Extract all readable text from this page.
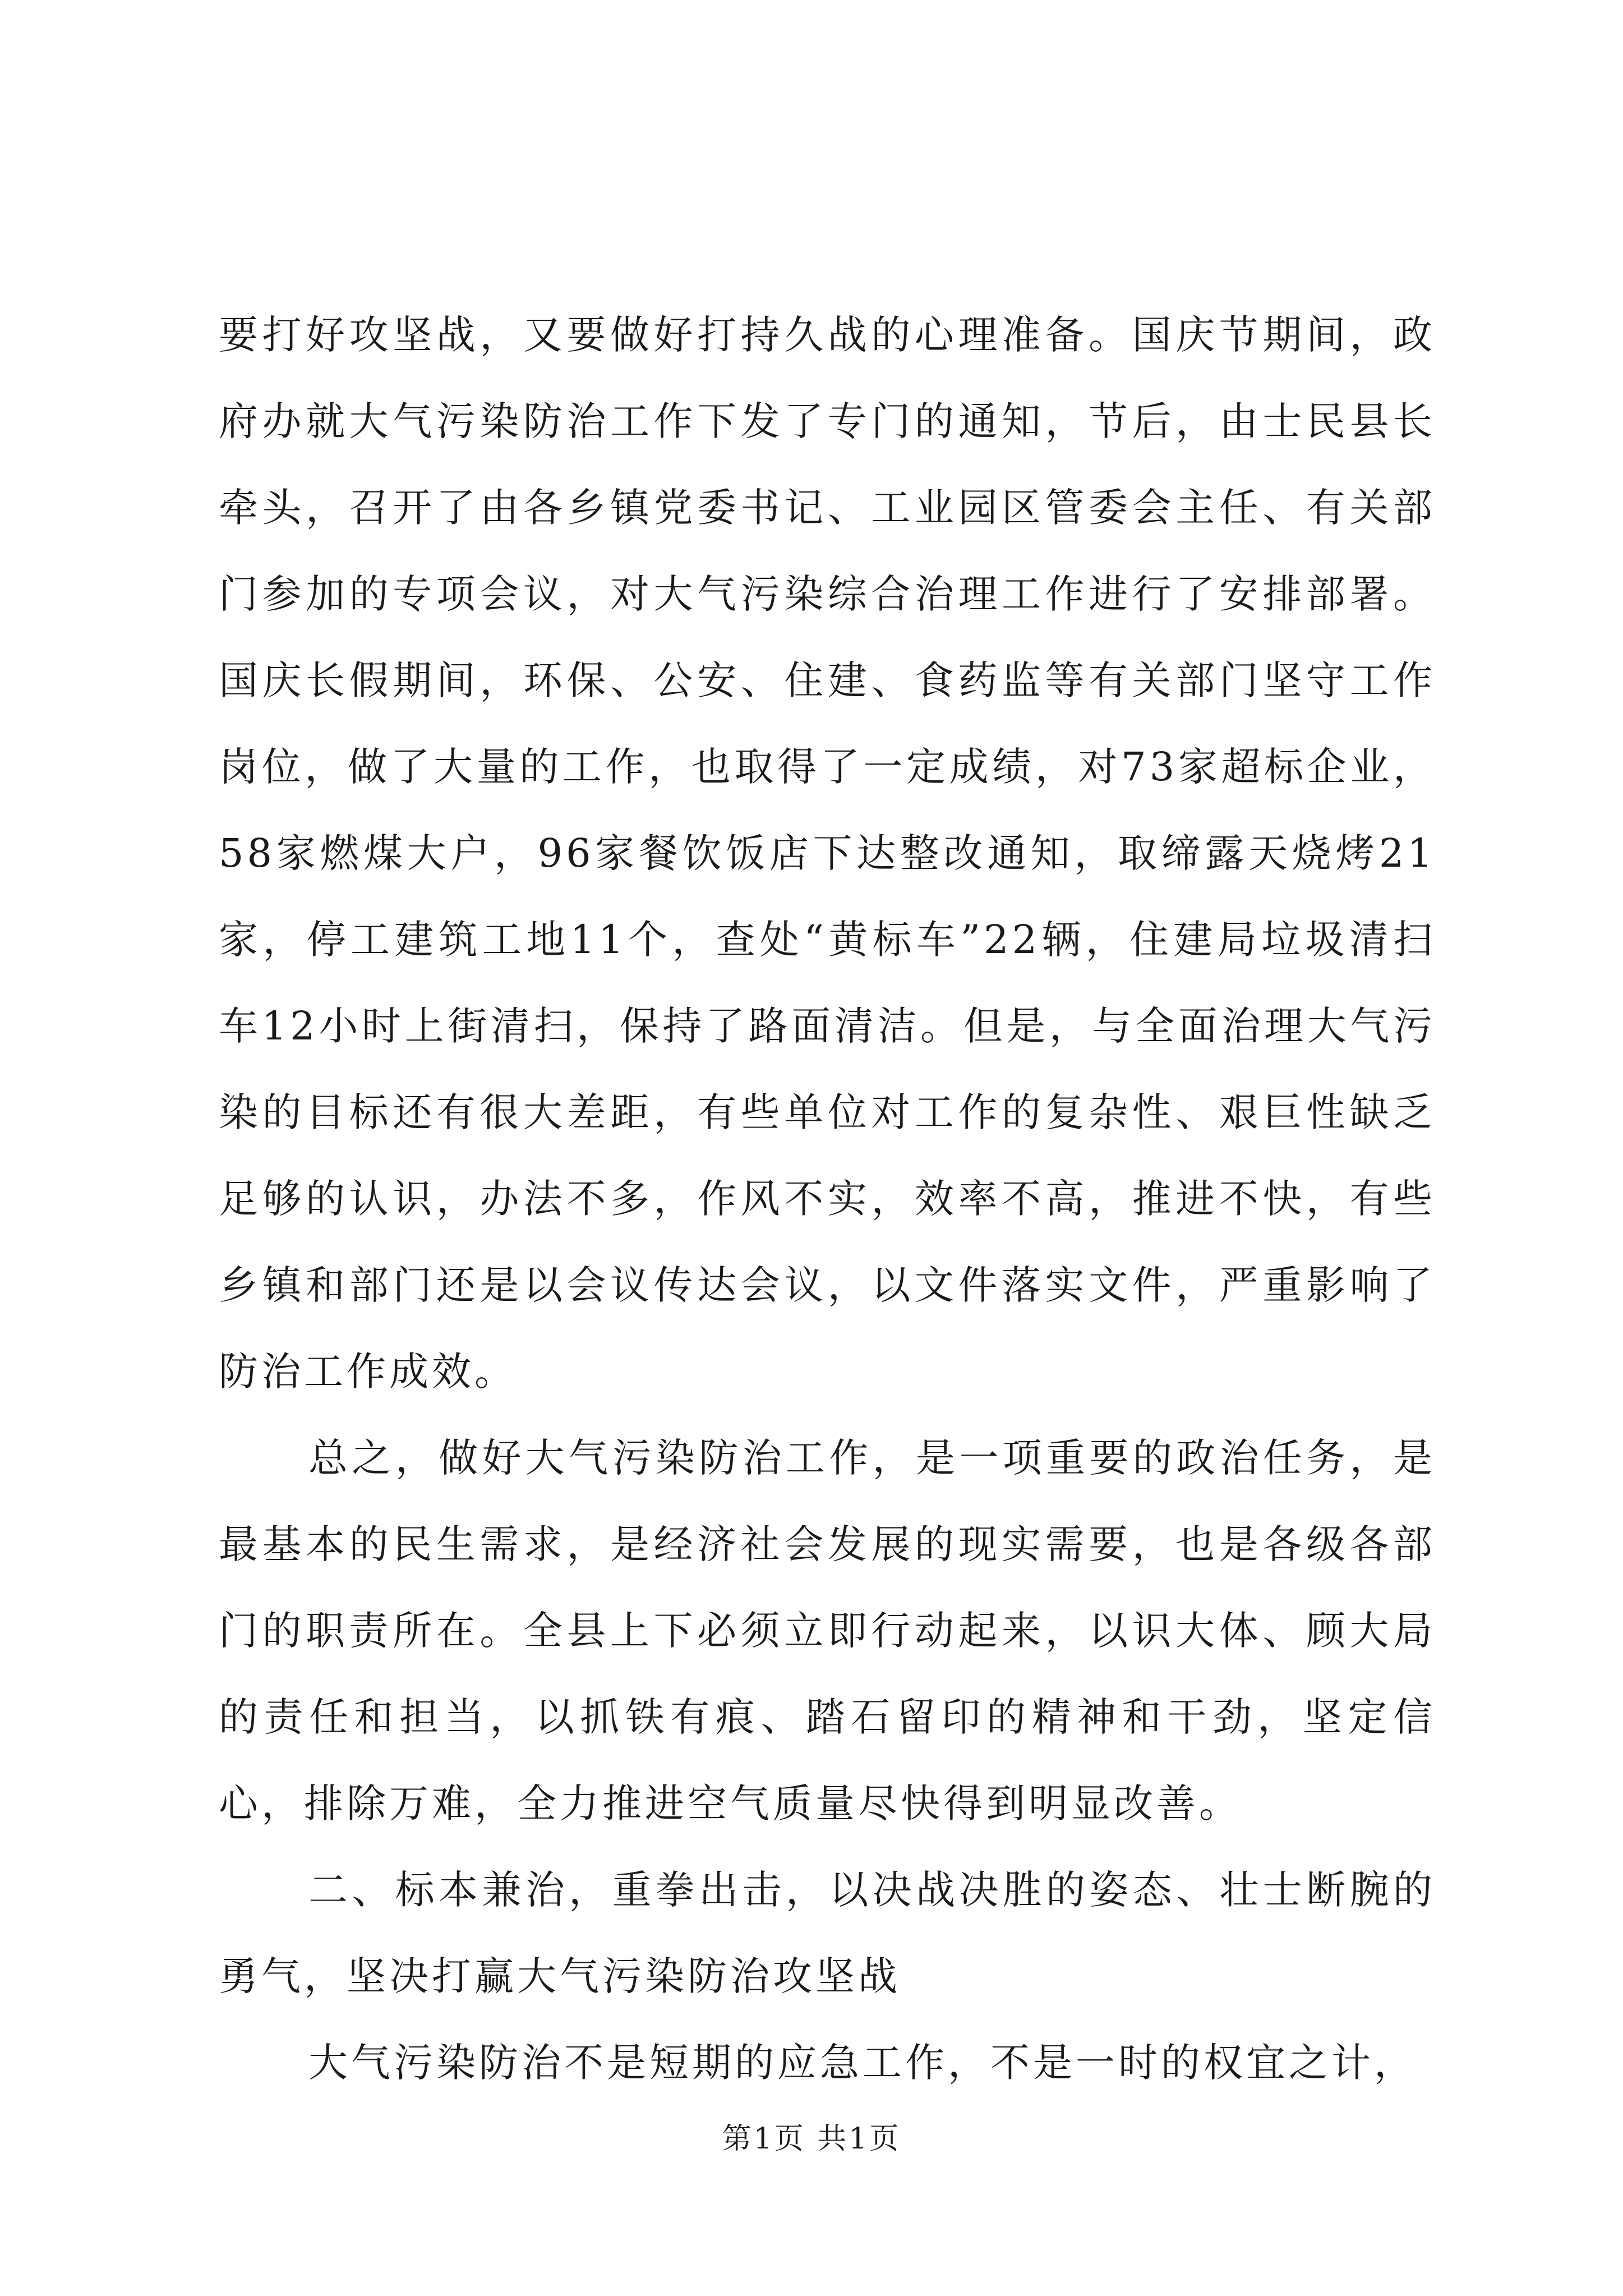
要打好攻坚战，又要做好打持久战的心理准备。国庆节期间，政府办就大气污染防治工作下发了专门的通知，节后，由士民县长牵头，召开了由各乡镇党委书记、工业园区管委会主任、有关部门参加的专项会议，对大气污染综合治理工作进行了安排部署。国庆长假期间，环保、公安、住建、食药监等有关部门坚守工作岗位，做了大量的工作，也取得了一定成绩，对73家超标企业，58家燃煤大户，96家餐饮饭店下达整改通知，取缔露天烧烤21家，停工建筑工地11个，查处“黄标车”22辆，住建局垃圾清扫车12小时上街清扫，保持了路面清洁。但是，与全面治理大气污染的目标还有很大差距，有些单位对工作的复杂性、艰巨性缺乏足够的认识，办法不多，作风不实，效率不高，推进不快，有些乡镇和部门还是以会议传达会议，以文件落实文件，严重影响了防治工作成效。

总之，做好大气污染防治工作，是一项重要的政治任务，是最基本的民生需求，是经济社会发展的现实需要，也是各级各部门的职责所在。全县上下必须立即行动起来，以识大体、顾大局的责任和担当，以抓铁有痕、踏石留印的精神和干劲，坚定信心，排除万难，全力推进空气质量尽快得到明显改善。

二、标本兼治，重拳出击，以决战决胜的姿态、壮士断腕的勇气，坚决打赢大气污染防治攻坚战

大气污染防治不是短期的应急工作，不是一时的权宜之计，

第1页 共1页
